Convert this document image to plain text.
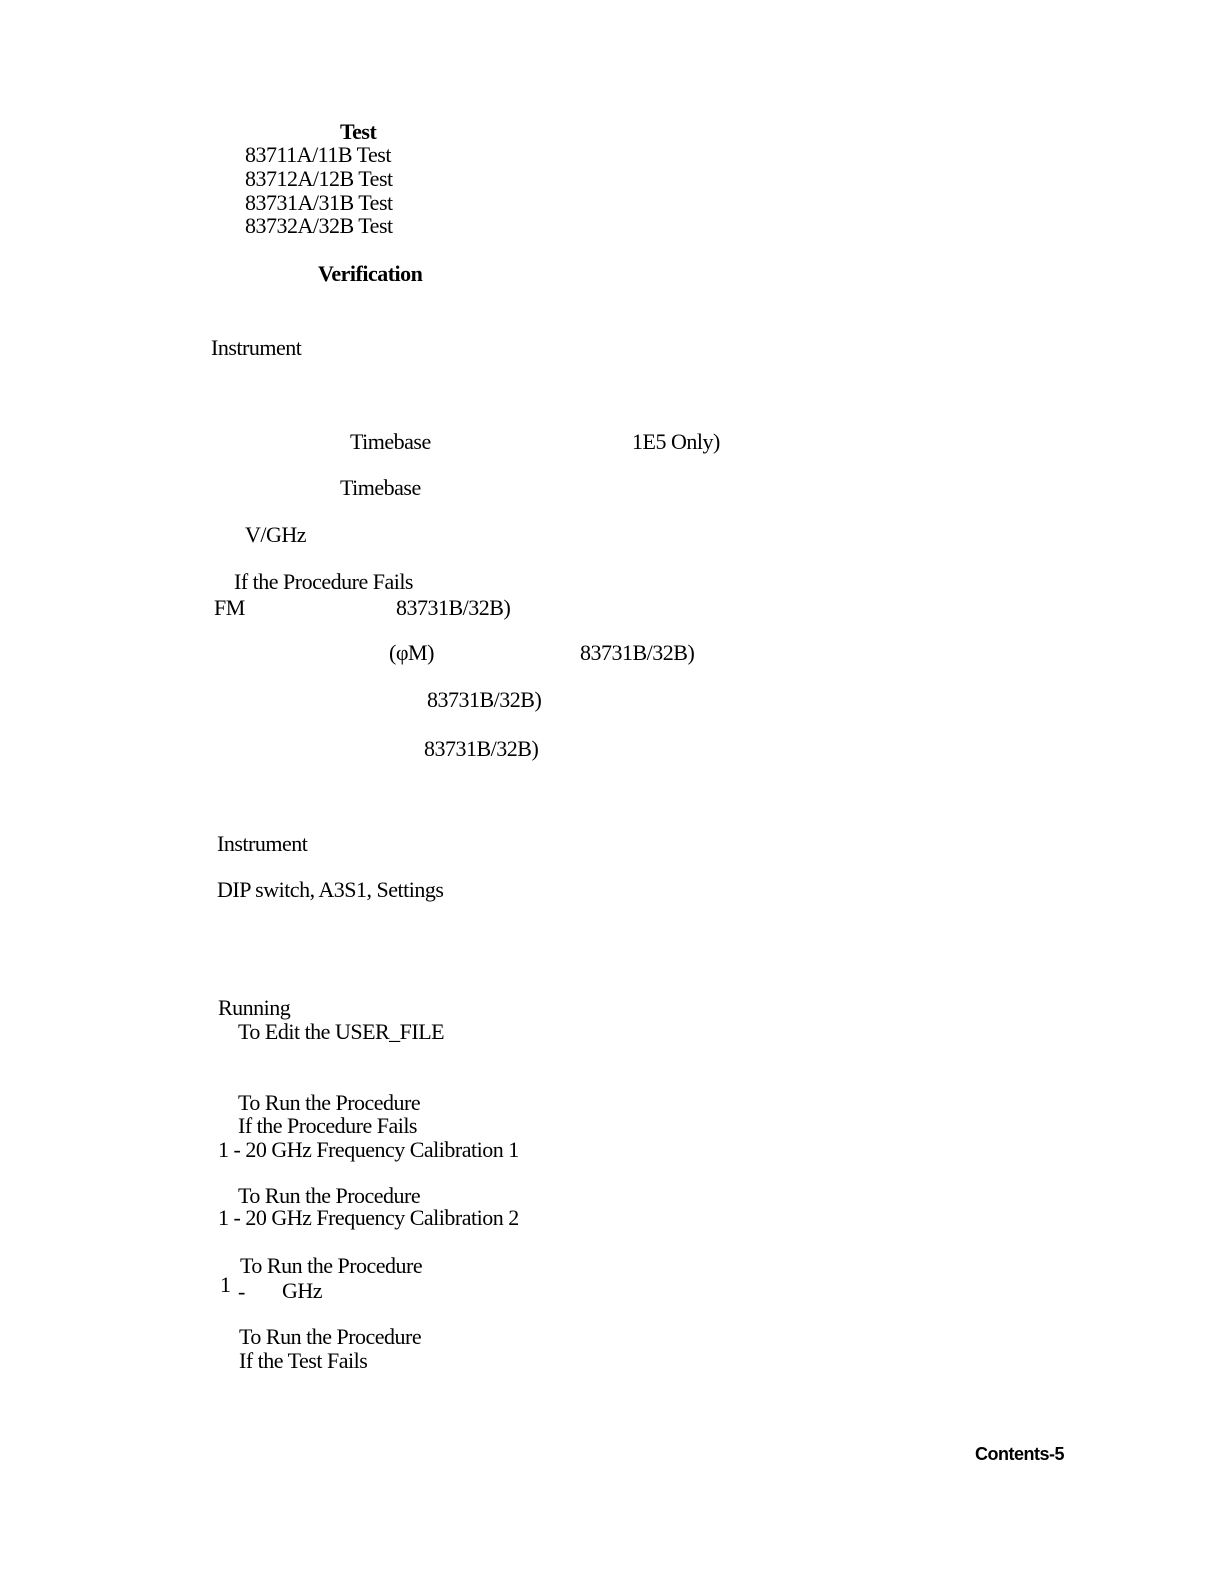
Test
83711A/11B Test
83712A/12B Test
83731A/31B Test
83732A/32B Test
Verification
Instrument
Timebase	1E5 Only)
Timebase
V/GHz
If the Procedure Fails
FM	83731B/32B)
(φM)	83731B/32B)
83731B/32B)
83731B/32B)
Instrument
DIP switch, A3S1, Settings
Running
To Edit the USER_FILE
To Run the Procedure
If the Procedure Fails
1 - 20 GHz Frequency Calibration 1
To Run the Procedure
1 - 20 GHz Frequency Calibration 2
To Run the Procedure
1 - GHz
To Run the Procedure
If the Test Fails
Contents-5
